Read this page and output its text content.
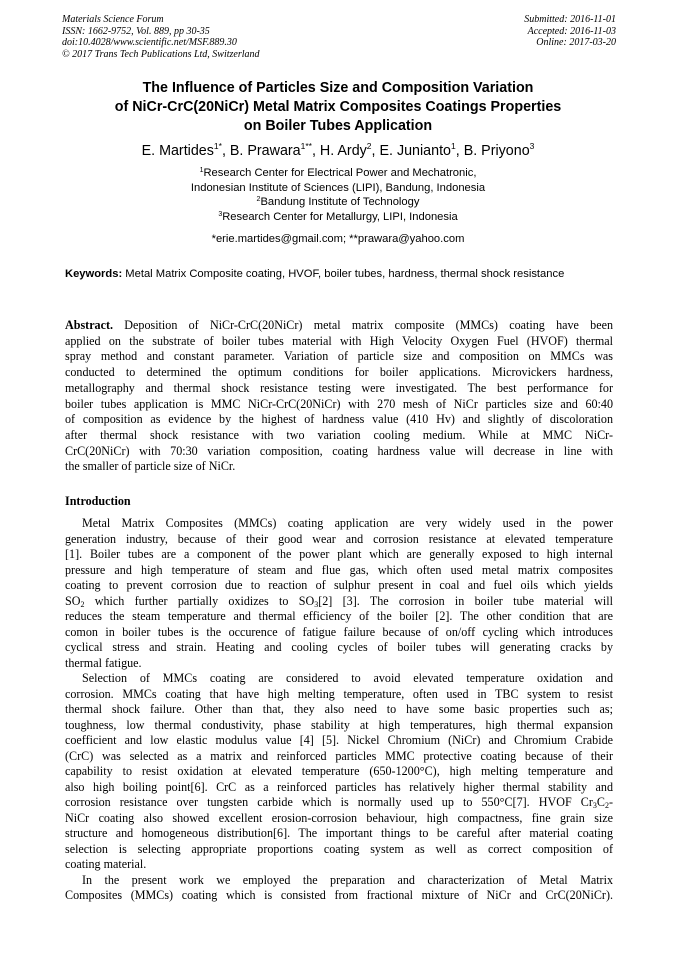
Materials Science Forum
ISSN: 1662-9752, Vol. 889, pp 30-35
doi:10.4028/www.scientific.net/MSF.889.30
© 2017 Trans Tech Publications Ltd, Switzerland
Submitted: 2016-11-01
Accepted: 2016-11-03
Online: 2017-03-20
The Influence of Particles Size and Composition Variation
of NiCr-CrC(20NiCr) Metal Matrix Composites Coatings Properties
on Boiler Tubes Application
E. Martides$^{1*}$, B. Prawara$^{1**}$, H. Ardy$^2$, E. Junianto$^1$, B. Priyono$^3$
$^1$Research Center for Electrical Power and Mechatronic,
Indonesian Institute of Sciences (LIPI), Bandung, Indonesia
$^2$Bandung Institute of Technology
$^3$Research Center for Metallurgy, LIPI, Indonesia
*erie.martides@gmail.com; **prawara@yahoo.com
Keywords: Metal Matrix Composite coating, HVOF, boiler tubes, hardness, thermal shock resistance
Abstract. Deposition of NiCr-CrC(20NiCr) metal matrix composite (MMCs) coating have been
applied on the substrate of boiler tubes material with High Velocity Oxygen Fuel (HVOF) thermal
spray method and constant parameter. Variation of particle size and composition on MMCs was
conducted to determined the optimum conditions for boiler applications. Microvickers hardness,
metallography and thermal shock resistance testing were investigated. The best performance for
boiler tubes application is MMC NiCr-CrC(20NiCr) with 270 mesh of NiCr particles size and 60:40
of composition as evidence by the highest of hardness value (410 Hv) and slightly of discoloration
after thermal shock resistance with two variation cooling medium. While at MMC NiCr-
CrC(20NiCr) with 70:30 variation composition, coating hardness value will decrease in line with
the smaller of particle size of NiCr.
Introduction
Metal Matrix Composites (MMCs) coating application are very widely used in the power
generation industry, because of their good wear and corrosion resistance at elevated temperature
[1]. Boiler tubes are a component of the power plant which are generally exposed to high internal
pressure and high temperature of steam and flue gas, which often used metal matrix composites
coating to prevent corrosion due to reaction of sulphur present in coal and fuel oils which yields
$SO_2$ which further partially oxidizes to $SO_3[2]$ [3]. The corrosion in boiler tube material will
reduces the steam temperature and thermal efficiency of the boiler [2]. The other condition that are
comon in boiler tubes is the occurence of fatigue failure because of on/off cycling which introduces
cyclical stress and strain. Heating and cooling cycles of boiler tubes will generating cracks by
thermal fatigue.
Selection of MMCs coating are considered to avoid elevated temperature oxidation and
corrosion. MMCs coating that have high melting temperature, often used in TBC system to resist
thermal shock failure. Other than that, they also need to have some basic properties such as;
toughness, low thermal condustivity, phase stability at high temperatures, high thermal expansion
coefficient and low elastic modulus value [4] [5]. Nickel Chromium (NiCr) and Chromium Crabide
(CrC) was selected as a matrix and reinforced particles MMC protective coating because of their
capability to resist oxidation at elevated temperature (650-1200°C), high melting temperature and
also high boiling point[6]. CrC as a reinforced particles has relatively higher thermal stability and
corrosion resistance over tungsten carbide which is normally used up to 550°C[7]. HVOF $Cr_3C_2-$
NiCr coating also showed excellent erosion-corrosion behaviour, high compactness, fine grain size
structure and homogeneous distribution[6]. The important things to be careful after material coating
selection is selecting appropriate proportions coating system as well as correct composition of
coating material.
In the present work we employed the preparation and characterization of Metal Matrix
Composites (MMCs) coating which is consisted from fractional mixture of NiCr and CrC(20NiCr).
